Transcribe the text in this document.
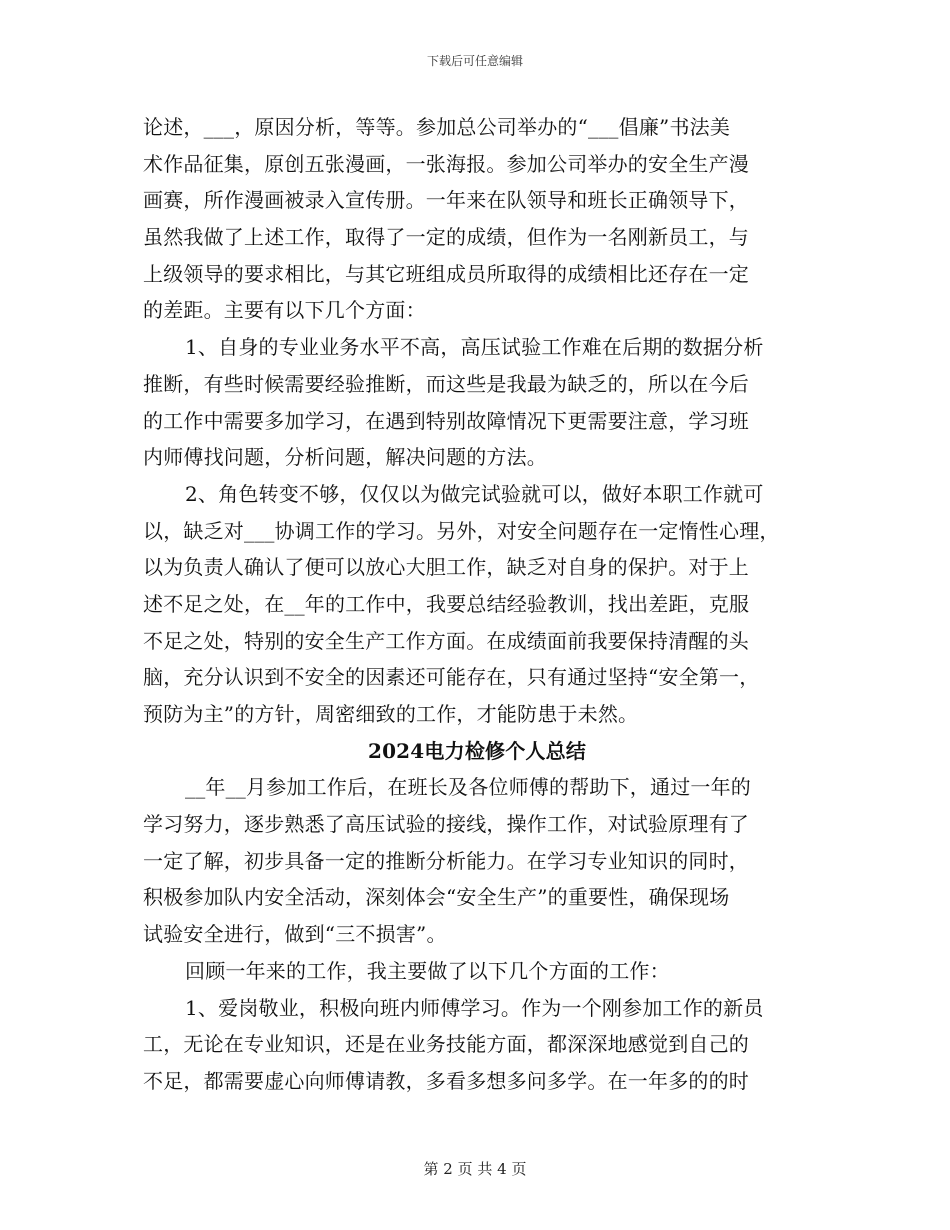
下载后可任意编辑
论述，___，原因分析，等等。参加总公司举办的“___倡廉”书法美
术作品征集，原创五张漫画，一张海报。参加公司举办的安全生产漫
画赛，所作漫画被录入宣传册。一年来在队领导和班长正确领导下，
虽然我做了上述工作，取得了一定的成绩，但作为一名刚新员工，与
上级领导的要求相比，与其它班组成员所取得的成绩相比还存在一定
的差距。主要有以下几个方面：
1、自身的专业业务水平不高，高压试验工作难在后期的数据分析
推断，有些时候需要经验推断，而这些是我最为缺乏的，所以在今后
的工作中需要多加学习，在遇到特别故障情况下更需要注意，学习班
内师傅找问题，分析问题，解决问题的方法。
2、角色转变不够，仅仅以为做完试验就可以，做好本职工作就可
以，缺乏对___协调工作的学习。另外，对安全问题存在一定惰性心理，
以为负责人确认了便可以放心大胆工作，缺乏对自身的保护。对于上
述不足之处，在__年的工作中，我要总结经验教训，找出差距，克服
不足之处，特别的安全生产工作方面。在成绩面前我要保持清醒的头
脑，充分认识到不安全的因素还可能存在，只有通过坚持“安全第一，
预防为主”的方针，周密细致的工作，才能防患于未然。
2024电力检修个人总结
__年__月参加工作后，在班长及各位师傅的帮助下，通过一年的
学习努力，逐步熟悉了高压试验的接线，操作工作，对试验原理有了
一定了解，初步具备一定的推断分析能力。在学习专业知识的同时，
积极参加队内安全活动，深刻体会“安全生产”的重要性，确保现场
试验安全进行，做到“三不损害”。
回顾一年来的工作，我主要做了以下几个方面的工作：
1、爱岗敬业，积极向班内师傅学习。作为一个刚参加工作的新员
工，无论在专业知识，还是在业务技能方面，都深深地感觉到自己的
不足，都需要虚心向师傅请教，多看多想多问多学。在一年多的的时
第 2 页 共 4 页
